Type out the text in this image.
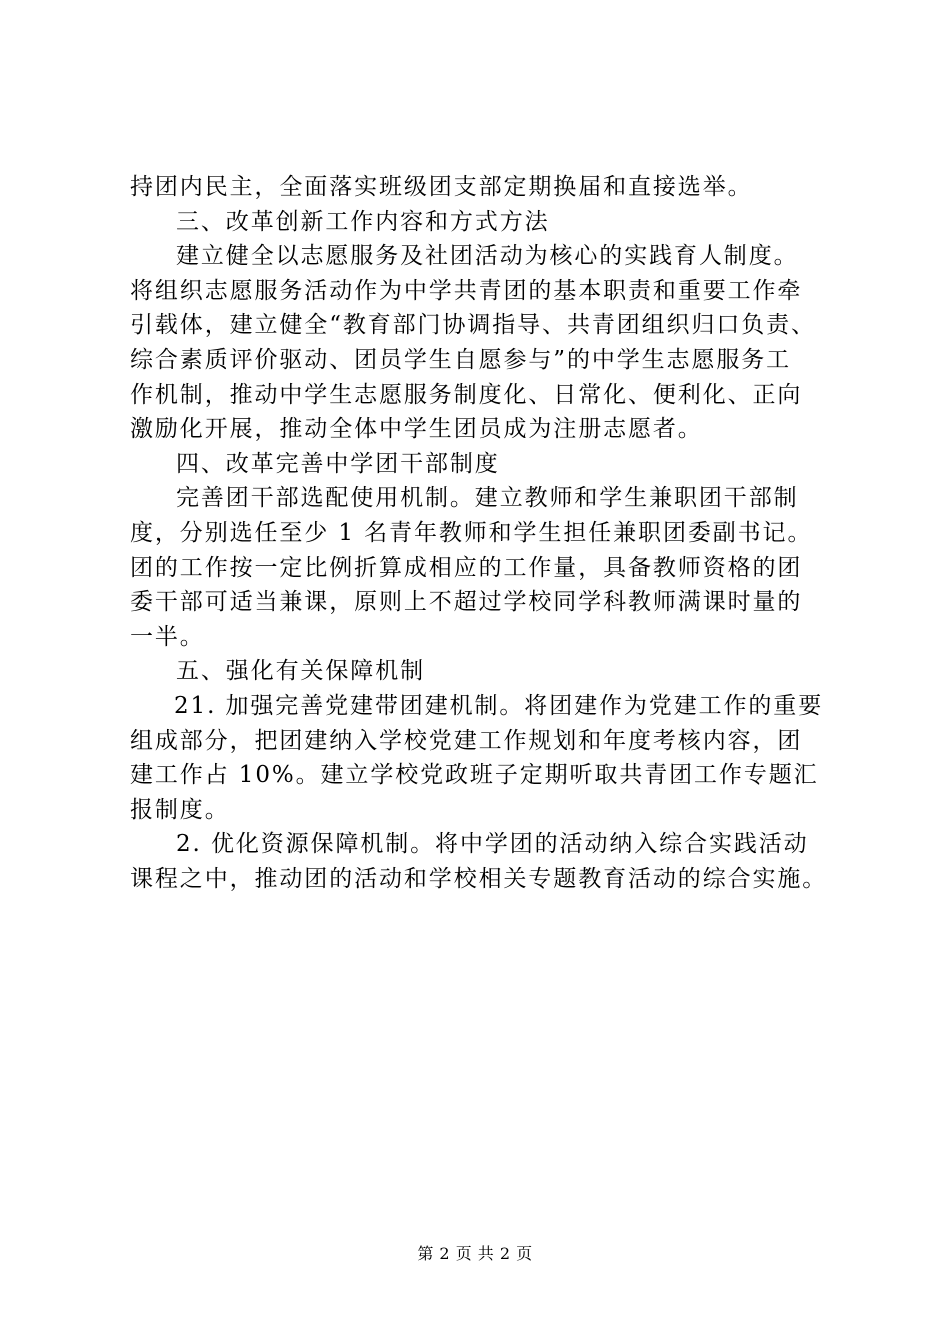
持团内民主，全面落实班级团支部定期换届和直接选举。
三、改革创新工作内容和方式方法
建立健全以志愿服务及社团活动为核心的实践育人制度。
将组织志愿服务活动作为中学共青团的基本职责和重要工作牵
引载体，建立健全“教育部门协调指导、共青团组织归口负责、
综合素质评价驱动、团员学生自愿参与”的中学生志愿服务工
作机制，推动中学生志愿服务制度化、日常化、便利化、正向
激励化开展，推动全体中学生团员成为注册志愿者。
四、改革完善中学团干部制度
完善团干部选配使用机制。建立教师和学生兼职团干部制
度，分别选任至少 1 名青年教师和学生担任兼职团委副书记。
团的工作按一定比例折算成相应的工作量，具备教师资格的团
委干部可适当兼课，原则上不超过学校同学科教师满课时量的
一半。
五、强化有关保障机制
21. 加强完善党建带团建机制。将团建作为党建工作的重要
组成部分，把团建纳入学校党建工作规划和年度考核内容，团
建工作占 10%。建立学校党政班子定期听取共青团工作专题汇
报制度。
2. 优化资源保障机制。将中学团的活动纳入综合实践活动
课程之中，推动团的活动和学校相关专题教育活动的综合实施。
第 2 页 共 2 页
